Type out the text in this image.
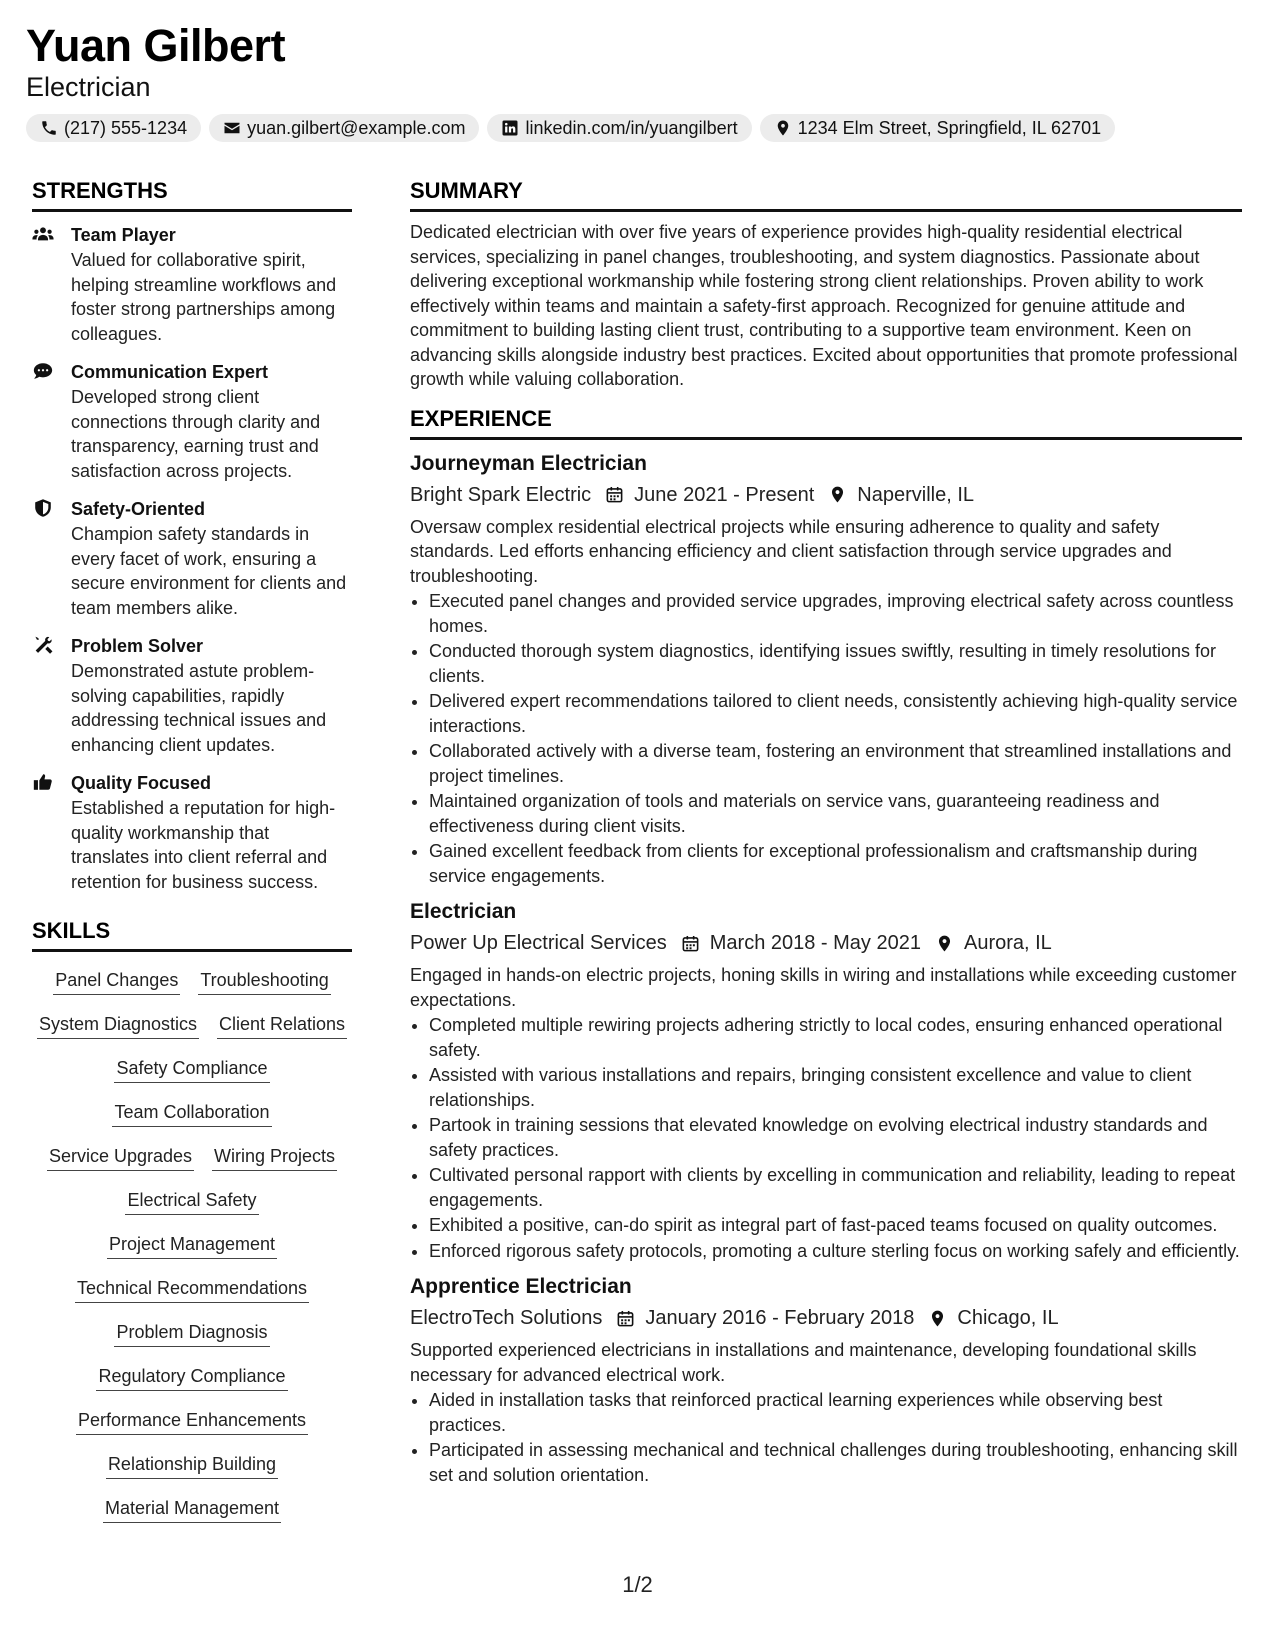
Yuan Gilbert
Electrician
(217) 555-1234	yuan.gilbert@example.com	linkedin.com/in/yuangilbert	1234 Elm Street, Springfield, IL 62701
STRENGTHS
Team Player
Valued for collaborative spirit, helping streamline workflows and foster strong partnerships among colleagues.
Communication Expert
Developed strong client connections through clarity and transparency, earning trust and satisfaction across projects.
Safety-Oriented
Champion safety standards in every facet of work, ensuring a secure environment for clients and team members alike.
Problem Solver
Demonstrated astute problem-solving capabilities, rapidly addressing technical issues and enhancing client updates.
Quality Focused
Established a reputation for high-quality workmanship that translates into client referral and retention for business success.
SKILLS
Panel Changes Troubleshooting
System Diagnostics Client Relations
Safety Compliance
Team Collaboration
Service Upgrades Wiring Projects
Electrical Safety
Project Management
Technical Recommendations
Problem Diagnosis
Regulatory Compliance
Performance Enhancements
Relationship Building
Material Management
SUMMARY
Dedicated electrician with over five years of experience provides high-quality residential electrical services, specializing in panel changes, troubleshooting, and system diagnostics. Passionate about delivering exceptional workmanship while fostering strong client relationships. Proven ability to work effectively within teams and maintain a safety-first approach. Recognized for genuine attitude and commitment to building lasting client trust, contributing to a supportive team environment. Keen on advancing skills alongside industry best practices. Excited about opportunities that promote professional growth while valuing collaboration.
EXPERIENCE
Journeyman Electrician
Bright Spark Electric June 2021 - Present Naperville, IL
Oversaw complex residential electrical projects while ensuring adherence to quality and safety standards. Led efforts enhancing efficiency and client satisfaction through service upgrades and troubleshooting.
• Executed panel changes and provided service upgrades, improving electrical safety across countless homes.
• Conducted thorough system diagnostics, identifying issues swiftly, resulting in timely resolutions for clients.
• Delivered expert recommendations tailored to client needs, consistently achieving high-quality service interactions.
• Collaborated actively with a diverse team, fostering an environment that streamlined installations and project timelines.
• Maintained organization of tools and materials on service vans, guaranteeing readiness and effectiveness during client visits.
• Gained excellent feedback from clients for exceptional professionalism and craftsmanship during service engagements.
Electrician
Power Up Electrical Services March 2018 - May 2021 Aurora, IL
Engaged in hands-on electric projects, honing skills in wiring and installations while exceeding customer expectations.
• Completed multiple rewiring projects adhering strictly to local codes, ensuring enhanced operational safety.
• Assisted with various installations and repairs, bringing consistent excellence and value to client relationships.
• Partook in training sessions that elevated knowledge on evolving electrical industry standards and safety practices.
• Cultivated personal rapport with clients by excelling in communication and reliability, leading to repeat engagements.
• Exhibited a positive, can-do spirit as integral part of fast-paced teams focused on quality outcomes.
• Enforced rigorous safety protocols, promoting a culture sterling focus on working safely and efficiently.
Apprentice Electrician
ElectroTech Solutions January 2016 - February 2018 Chicago, IL
Supported experienced electricians in installations and maintenance, developing foundational skills necessary for advanced electrical work.
• Aided in installation tasks that reinforced practical learning experiences while observing best practices.
• Participated in assessing mechanical and technical challenges during troubleshooting, enhancing skill set and solution orientation.
1/2
